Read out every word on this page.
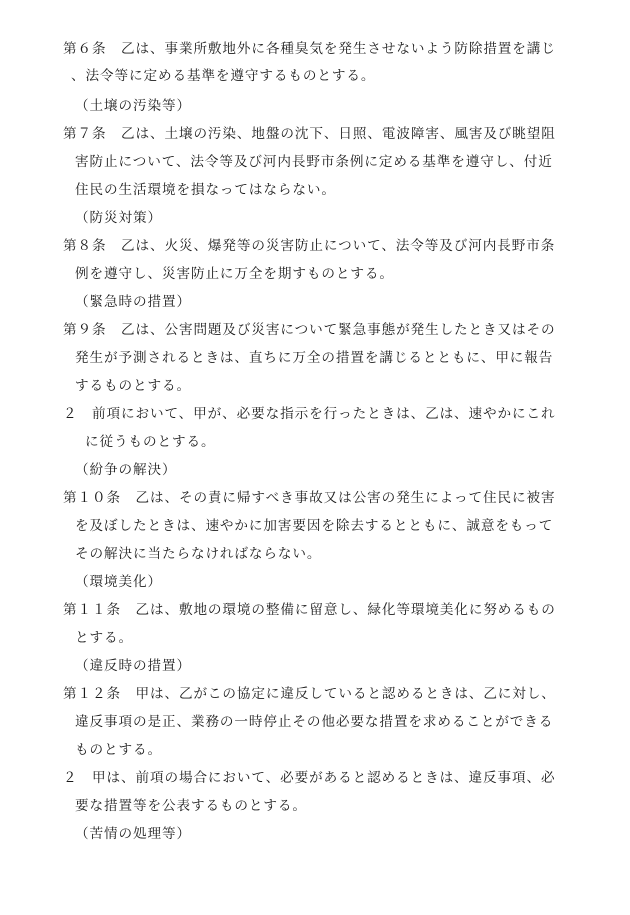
第６条　乙は、事業所敷地外に各種臭気を発生させないよう防除措置を講じ
、法令等に定める基準を遵守するものとする。
（土壌の汚染等）
第７条　乙は、土壌の汚染、地盤の沈下、日照、電波障害、風害及び眺望阻
害防止について、法令等及び河内長野市条例に定める基準を遵守し、付近
住民の生活環境を損なってはならない。
（防災対策）
第８条　乙は、火災、爆発等の災害防止について、法令等及び河内長野市条
例を遵守し、災害防止に万全を期すものとする。
（緊急時の措置）
第９条　乙は、公害問題及び災害について緊急事態が発生したとき又はその
発生が予測されるときは、直ちに万全の措置を講じるとともに、甲に報告
するものとする。
２　前項において、甲が、必要な指示を行ったときは、乙は、速やかにこれ
に従うものとする。
（紛争の解決）
第１０条　乙は、その責に帰すべき事故又は公害の発生によって住民に被害
を及ぼしたときは、速やかに加害要因を除去するとともに、誠意をもって
その解決に当たらなければならない。
（環境美化）
第１１条　乙は、敷地の環境の整備に留意し、緑化等環境美化に努めるもの
とする。
（違反時の措置）
第１２条　甲は、乙がこの協定に違反していると認めるときは、乙に対し、
違反事項の是正、業務の一時停止その他必要な措置を求めることができる
ものとする。
２　甲は、前項の場合において、必要があると認めるときは、違反事項、必
要な措置等を公表するものとする。
（苦情の処理等）
